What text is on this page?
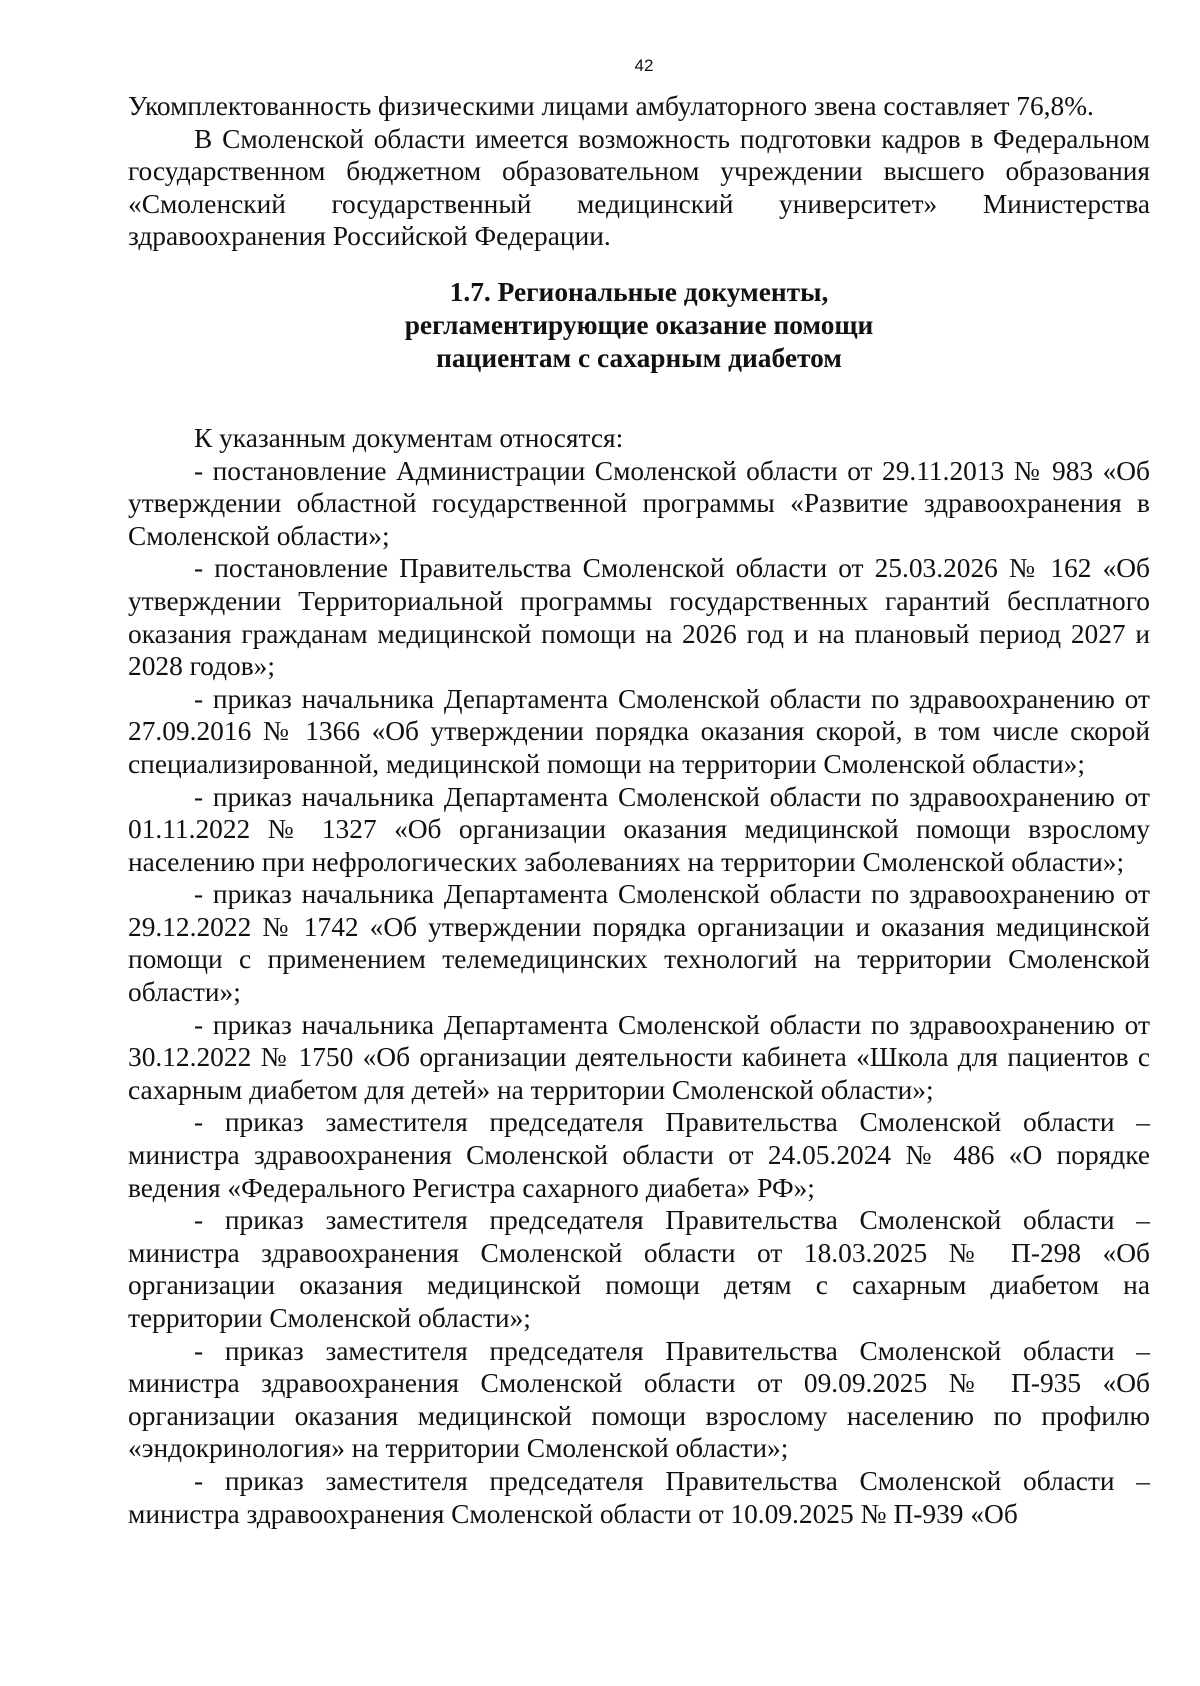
42

Укомплектованность физическими лицами амбулаторного звена составляет 76,8%.

В Смоленской области имеется возможность подготовки кадров в Федеральном государственном бюджетном образовательном учреждении высшего образования «Смоленский государственный медицинский университет» Министерства здравоохранения Российской Федерации.

1.7. Региональные документы,
регламентирующие оказание помощи
пациентам с сахарным диабетом

К указанным документам относятся:

- постановление Администрации Смоленской области от 29.11.2013 № 983 «Об утверждении областной государственной программы «Развитие здравоохранения в Смоленской области»;

- постановление Правительства Смоленской области от 25.03.2026 № 162 «Об утверждении Территориальной программы государственных гарантий бесплатного оказания гражданам медицинской помощи на 2026 год и на плановый период 2027 и 2028 годов»;

- приказ начальника Департамента Смоленской области по здравоохранению от 27.09.2016 № 1366 «Об утверждении порядка оказания скорой, в том числе скорой специализированной, медицинской помощи на территории Смоленской области»;

- приказ начальника Департамента Смоленской области по здравоохранению от 01.11.2022 № 1327 «Об организации оказания медицинской помощи взрослому населению при нефрологических заболеваниях на территории Смоленской области»;

- приказ начальника Департамента Смоленской области по здравоохранению от 29.12.2022 № 1742 «Об утверждении порядка организации и оказания медицинской помощи с применением телемедицинских технологий на территории Смоленской области»;

- приказ начальника Департамента Смоленской области по здравоохранению от 30.12.2022 № 1750 «Об организации деятельности кабинета «Школа для пациентов с сахарным диабетом для детей» на территории Смоленской области»;

- приказ заместителя председателя Правительства Смоленской области – министра здравоохранения Смоленской области от 24.05.2024 № 486 «О порядке ведения «Федерального Регистра сахарного диабета» РФ»;

- приказ заместителя председателя Правительства Смоленской области – министра здравоохранения Смоленской области от 18.03.2025 № П-298 «Об организации оказания медицинской помощи детям с сахарным диабетом на территории Смоленской области»;

- приказ заместителя председателя Правительства Смоленской области – министра здравоохранения Смоленской области от 09.09.2025 № П-935 «Об организации оказания медицинской помощи взрослому населению по профилю «эндокринология» на территории Смоленской области»;

- приказ заместителя председателя Правительства Смоленской области – министра здравоохранения Смоленской области от 10.09.2025 № П-939 «Об
